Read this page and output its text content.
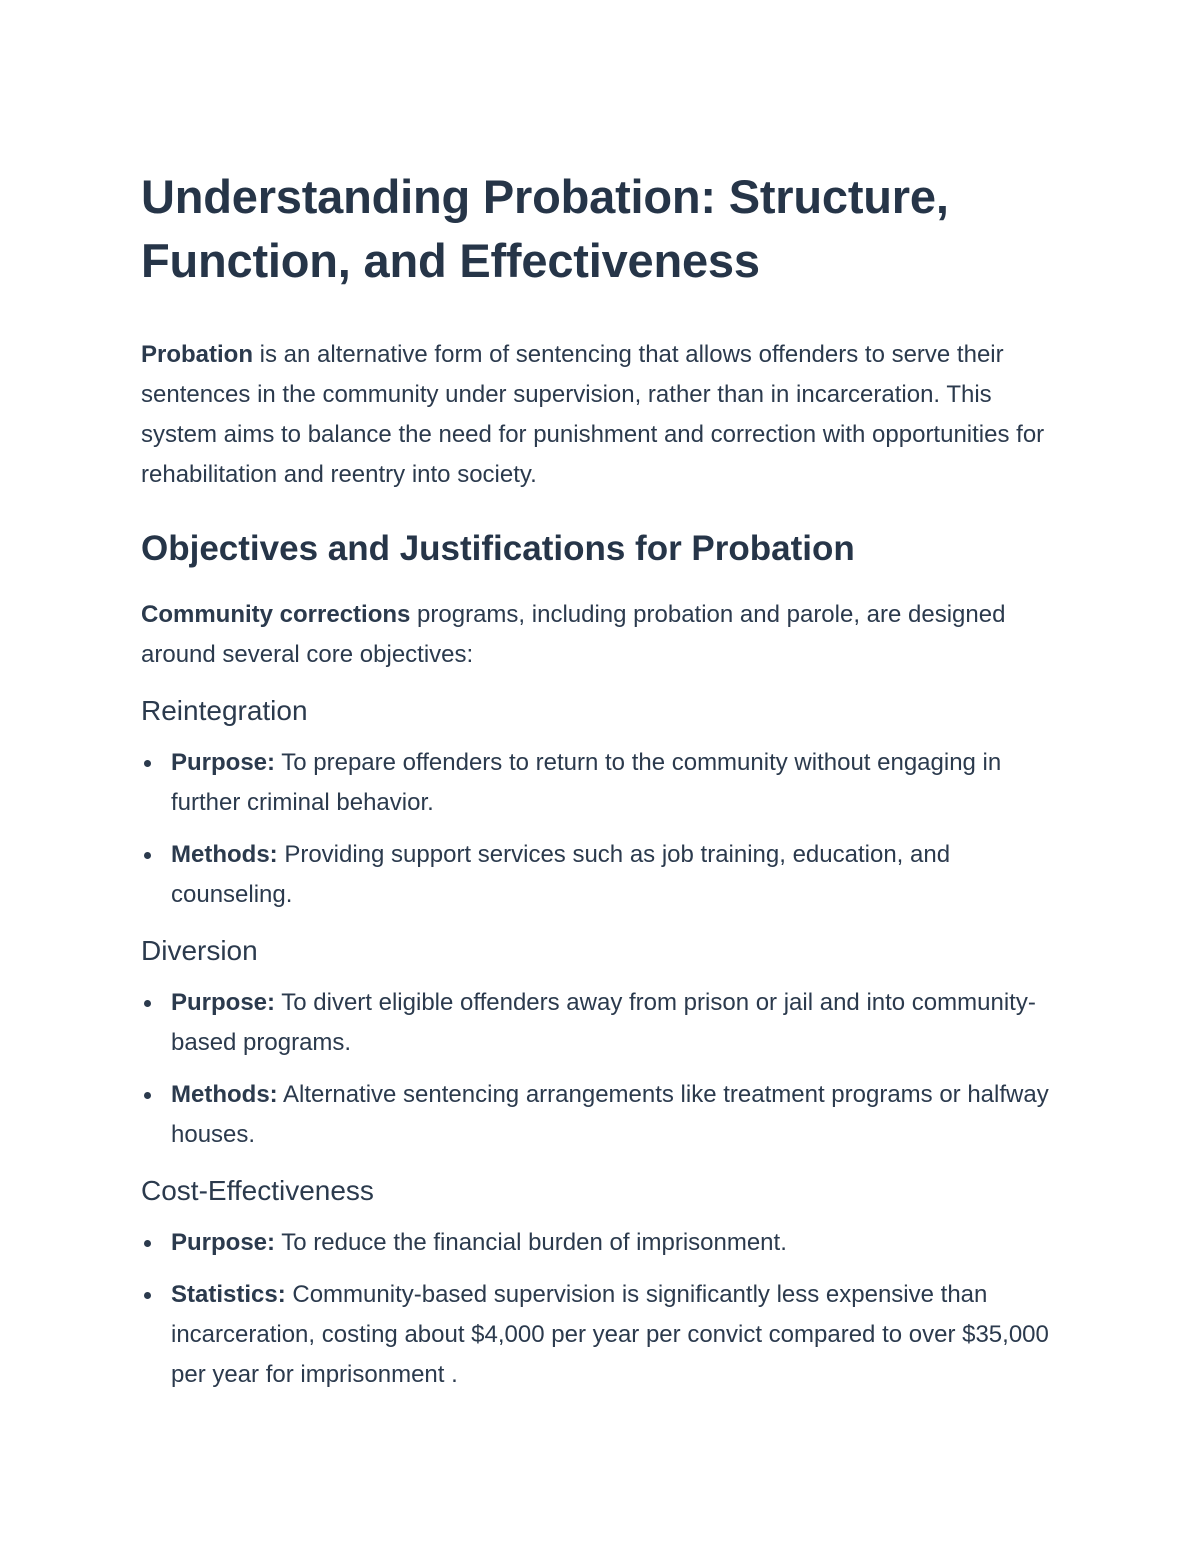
Understanding Probation: Structure, Function, and Effectiveness

Probation is an alternative form of sentencing that allows offenders to serve their sentences in the community under supervision, rather than in incarceration. This system aims to balance the need for punishment and correction with opportunities for rehabilitation and reentry into society.

Objectives and Justifications for Probation

Community corrections programs, including probation and parole, are designed around several core objectives:

Reintegration
Purpose: To prepare offenders to return to the community without engaging in further criminal behavior.
Methods: Providing support services such as job training, education, and counseling.
Diversion
Purpose: To divert eligible offenders away from prison or jail and into community-based programs.
Methods: Alternative sentencing arrangements like treatment programs or halfway houses.
Cost-Effectiveness
Purpose: To reduce the financial burden of imprisonment.
Statistics: Community-based supervision is significantly less expensive than incarceration, costing about $4,000 per year per convict compared to over $35,000 per year for imprisonment .
